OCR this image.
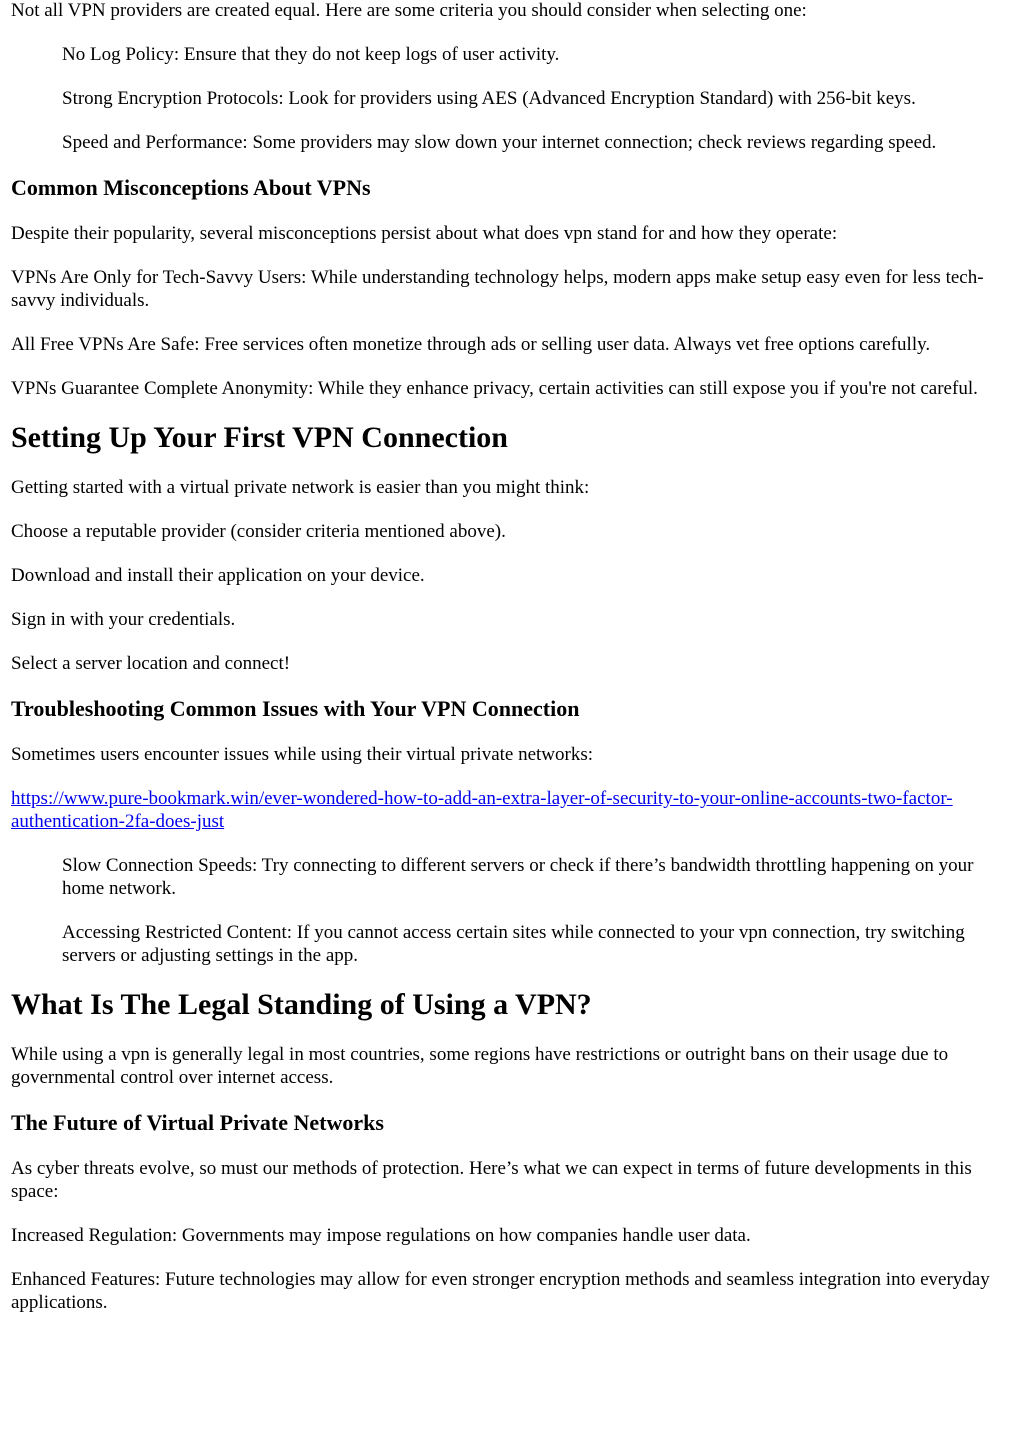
Not all VPN providers are created equal. Here are some criteria you should consider when selecting one:

No Log Policy: Ensure that they do not keep logs of user activity.

Strong Encryption Protocols: Look for providers using AES (Advanced Encryption Standard) with 256-bit keys.

Speed and Performance: Some providers may slow down your internet connection; check reviews regarding speed.

Common Misconceptions About VPNs

Despite their popularity, several misconceptions persist about what does vpn stand for and how they operate:

VPNs Are Only for Tech-Savvy Users: While understanding technology helps, modern apps make setup easy even for less tech-savvy individuals.

All Free VPNs Are Safe: Free services often monetize through ads or selling user data. Always vet free options carefully.

VPNs Guarantee Complete Anonymity: While they enhance privacy, certain activities can still expose you if you're not careful.

Setting Up Your First VPN Connection

Getting started with a virtual private network is easier than you might think:

Choose a reputable provider (consider criteria mentioned above).

Download and install their application on your device.

Sign in with your credentials.

Select a server location and connect!

Troubleshooting Common Issues with Your VPN Connection

Sometimes users encounter issues while using their virtual private networks:

https://www.pure-bookmark.win/ever-wondered-how-to-add-an-extra-layer-of-security-to-your-online-accounts-two-factor-authentication-2fa-does-just

Slow Connection Speeds: Try connecting to different servers or check if there’s bandwidth throttling happening on your home network.

Accessing Restricted Content: If you cannot access certain sites while connected to your vpn connection, try switching servers or adjusting settings in the app.

What Is The Legal Standing of Using a VPN?

While using a vpn is generally legal in most countries, some regions have restrictions or outright bans on their usage due to governmental control over internet access.

The Future of Virtual Private Networks

As cyber threats evolve, so must our methods of protection. Here’s what we can expect in terms of future developments in this space:

Increased Regulation: Governments may impose regulations on how companies handle user data.

Enhanced Features: Future technologies may allow for even stronger encryption methods and seamless integration into everyday applications.
